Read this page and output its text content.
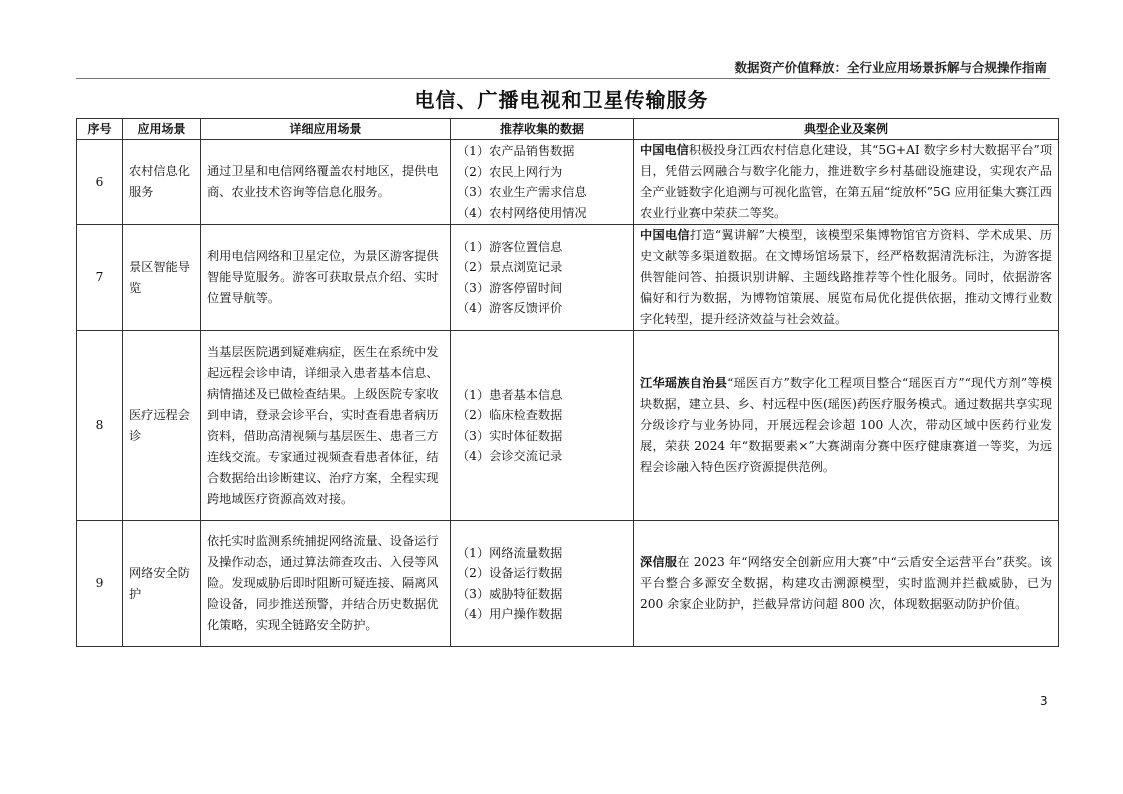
数据资产价值释放：全行业应用场景拆解与合规操作指南
电信、广播电视和卫星传输服务
序号	应用场景	详细应用场景	推荐收集的数据	典型企业及案例
6	农村信息化服务	通过卫星和电信网络覆盖农村地区，提供电商、农业技术咨询等信息化服务。	（1）农产品销售数据
（2）农民上网行为
（3）农业生产需求信息
（4）农村网络使用情况	中国电信积极投身江西农村信息化建设，其“5G+AI 数字乡村大数据平台”项目，凭借云网融合与数字化能力，推进数字乡村基础设施建设，实现农产品全产业链数字化追溯与可视化监管，在第五届“绽放杯”5G 应用征集大赛江西农业行业赛中荣获二等奖。
7	景区智能导览	利用电信网络和卫星定位，为景区游客提供智能导览服务。游客可获取景点介绍、实时位置导航等。	（1）游客位置信息
（2）景点浏览记录
（3）游客停留时间
（4）游客反馈评价	中国电信打造“翼讲解”大模型，该模型采集博物馆官方资料、学术成果、历史文献等多渠道数据。在文博场馆场景下，经严格数据清洗标注，为游客提供智能问答、拍摄识别讲解、主题线路推荐等个性化服务。同时，依据游客偏好和行为数据，为博物馆策展、展览布局优化提供依据，推动文博行业数字化转型，提升经济效益与社会效益。
8	医疗远程会诊	当基层医院遇到疑难病症，医生在系统中发起远程会诊申请，详细录入患者基本信息、病情描述及已做检查结果。上级医院专家收到申请，登录会诊平台，实时查看患者病历资料，借助高清视频与基层医生、患者三方连线交流。专家通过视频查看患者体征，结合数据给出诊断建议、治疗方案，全程实现跨地域医疗资源高效对接。	（1）患者基本信息
（2）临床检查数据
（3）实时体征数据
（4）会诊交流记录	江华瑶族自治县“瑶医百方”数字化工程项目整合“瑶医百方”“现代方剂”等模块数据，建立县、乡、村远程中医(瑶医)药医疗服务模式。通过数据共享实现分级诊疗与业务协同，开展远程会诊超 100 人次，带动区域中医药行业发展，荣获 2024 年“数据要素×”大赛湖南分赛中医疗健康赛道一等奖，为远程会诊融入特色医疗资源提供范例。
9	网络安全防护	依托实时监测系统捕捉网络流量、设备运行及操作动态，通过算法筛查攻击、入侵等风险。发现威胁后即时阻断可疑连接、隔离风险设备，同步推送预警，并结合历史数据优化策略，实现全链路安全防护。	（1）网络流量数据
（2）设备运行数据
（3）威胁特征数据
（4）用户操作数据	深信服在 2023 年“网络安全创新应用大赛”中“云盾安全运营平台”获奖。该平台整合多源安全数据，构建攻击溯源模型，实时监测并拦截威胁，已为 200 余家企业防护，拦截异常访问超 800 次，体现数据驱动防护价值。
3
